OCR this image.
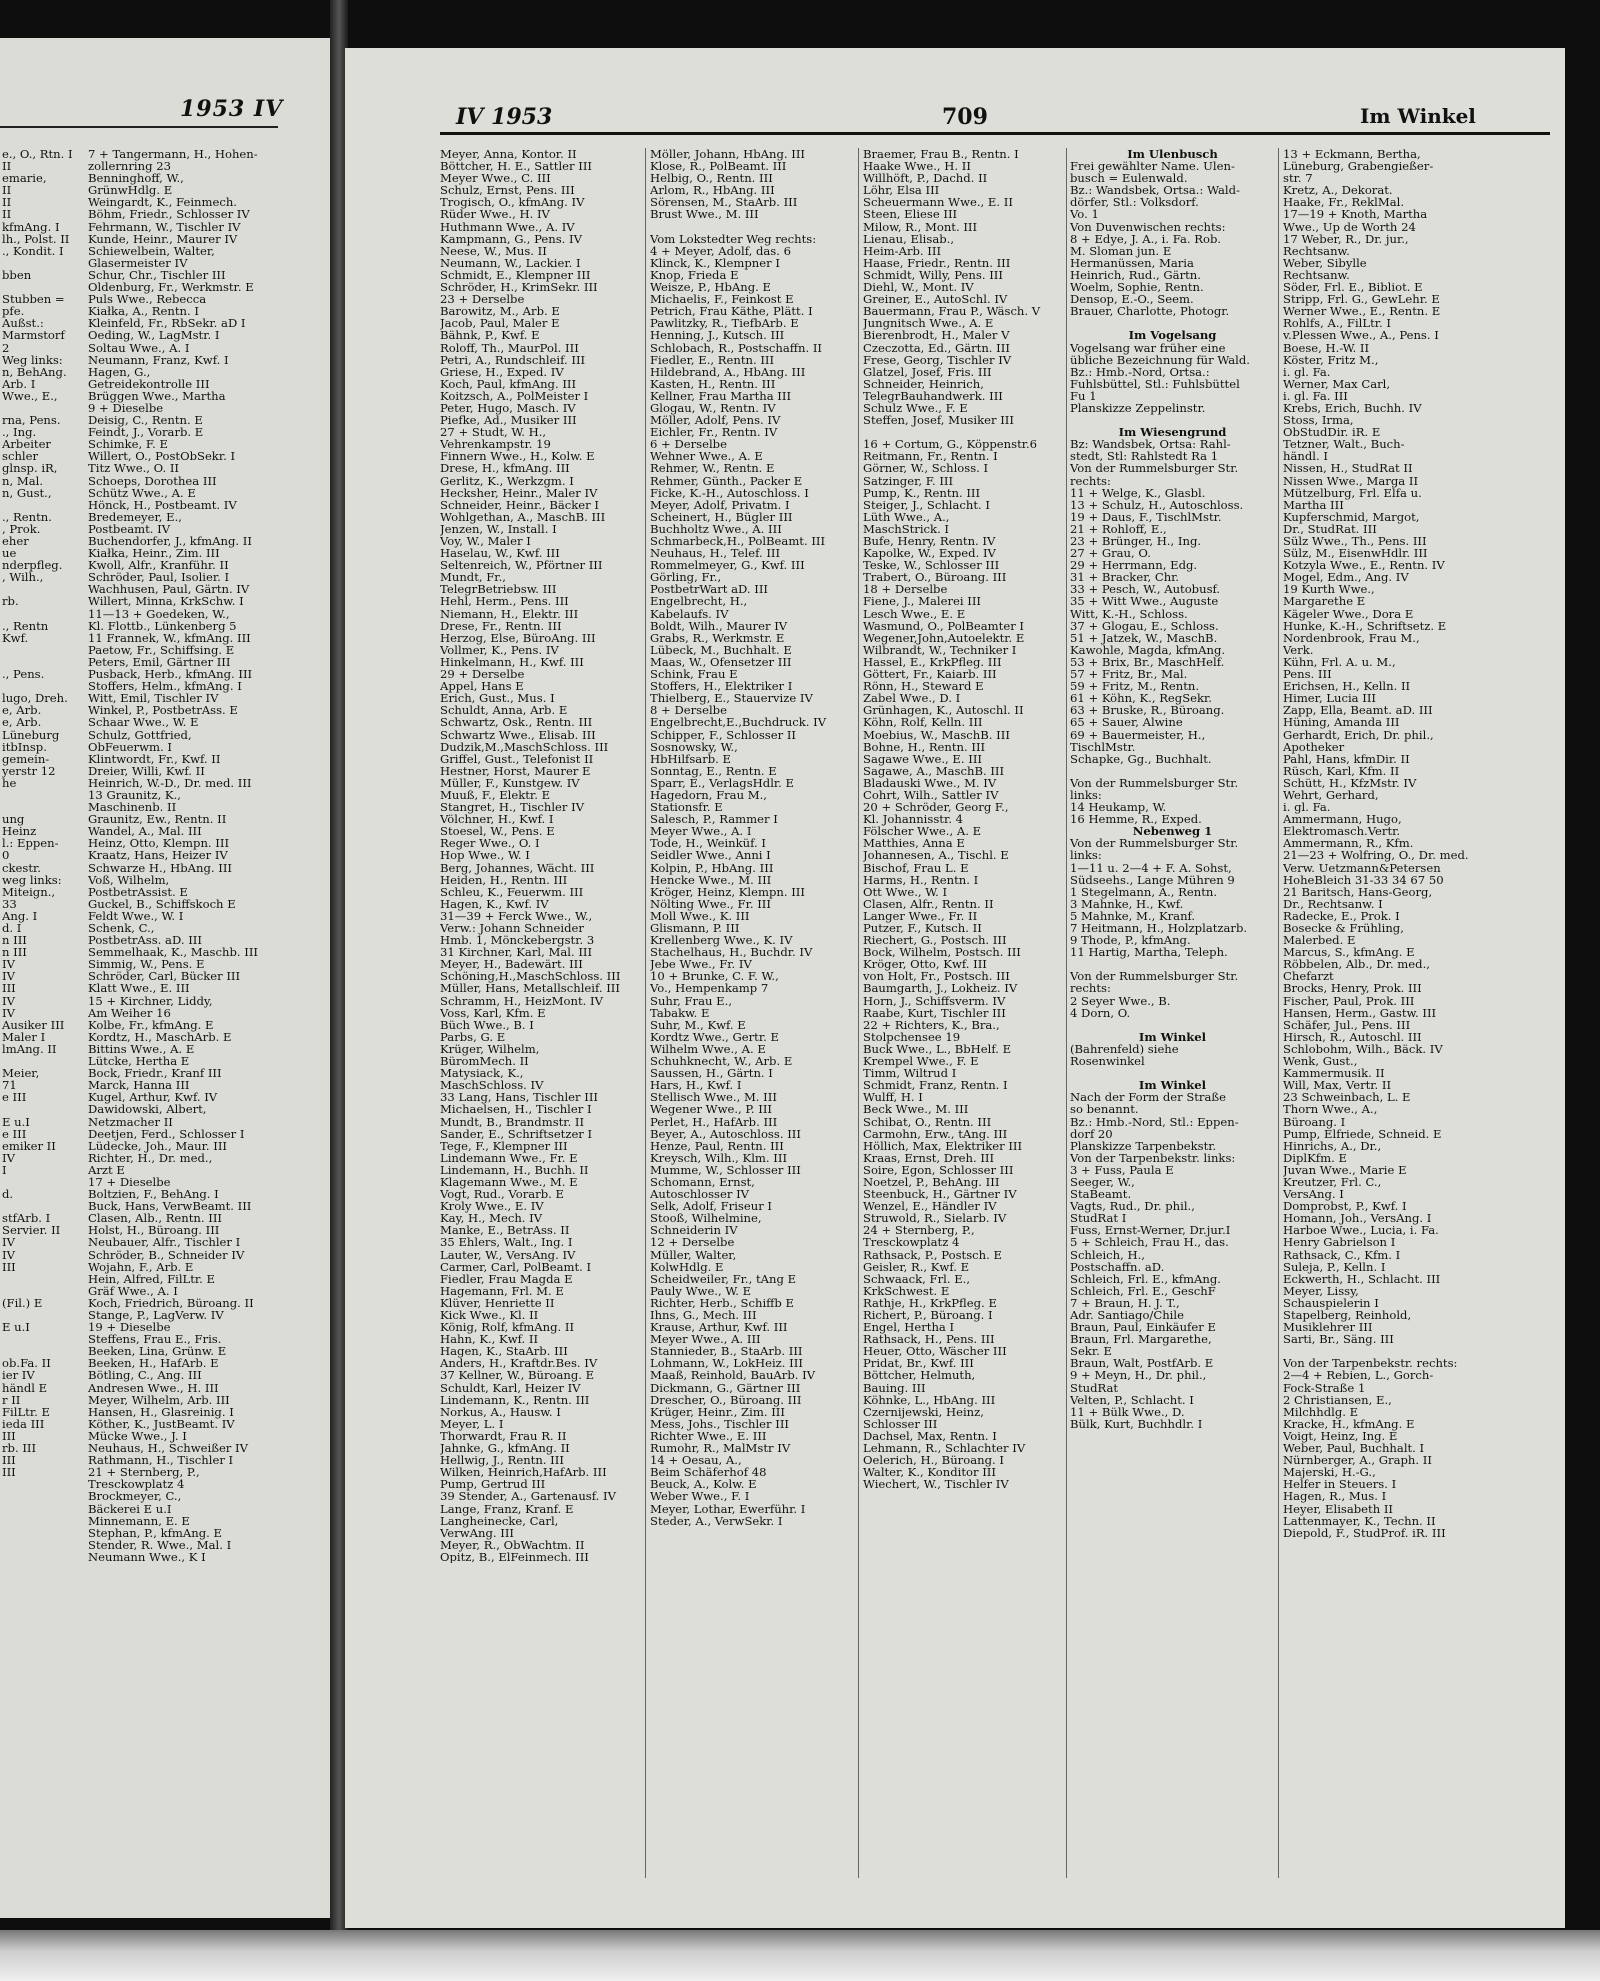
1953 IV	IV 1953	709	Im Winkel
e., O., Rtn. I
II
emarie,
II
II
II
kfmAng. I
lh., Polst. II
., Kondit. I

bben

Stubben =
pfe.
Außst.:
Marmstorf
2
Weg links:
n, BehAng.
Arb. I
Wwe., E.,

rna, Pens.
., Ing.
Arbeiter
schler
glnsp. iR,
n, Mal.
n, Gust.,

., Rentn.
, Prok.
eher
ue
nderpfleg.
, Wilh.,

rb.

., Rentn
Kwf.

., Pens.

lugo, Dreh.
e, Arb.
e, Arb.
Lüneburg
itbInsp.
gemein-
yerstr 12
he

ung
Heinz
l.: Eppen-
0
ckestr.
weg links:
Miteign.,
33
Ang. I
d. I
n III
n III
IV
IV
III
IV
IV
Ausiker III
Maler I
lmAng. II

Meier,
71
e III

E u.I
e III
emiker II
IV
I

d.

stfArb. I
Servier. II
IV
IV
III

(Fil.) E

E u.I

ob.Fa. II
ier IV
händl E
r II
FilLtr. E
ieda III
III
rb. III
III
III
7 + Tangermann, H., Hohen-
zollernring 23
Benninghoff, W.,
GrünwHdlg. E
Weingardt, K., Feinmech.
Böhm, Friedr., Schlosser IV
Fehrmann, W., Tischler IV
Kunde, Heinr., Maurer IV
Schiewelbein, Walter,
Glasermeister IV
Schur, Chr., Tischler III
Oldenburg, Fr., Werkmstr. E
Puls Wwe., Rebecca
Kiałka, A., Rentn. I
Kleinfeld, Fr., RbSekr. aD I
Oeding, W., LagMstr. I
Soltau Wwe., A. I
Neumann, Franz, Kwf. I
Hagen, G.,
Getreidekontrolle III
Brüggen Wwe., Martha
9 + Dieselbe
Deisig, C., Rentn. E
Feindt, J., Vorarb. E
Schimke, F. E
Willert, O., PostObSekr. I
Titz Wwe., O. II
Schoeps, Dorothea III
Schütz Wwe., A. E
Hönck, H., Postbeamt. IV
Bredemeyer, E.,
Postbeamt. IV
Buchendorfer, J., kfmAng. II
Kiałka, Heinr., Zim. III
Kwoll, Alfr., Kranführ. II
Schröder, Paul, Isolier. I
Wachhusen, Paul, Gärtn. IV
Willert, Minna, KrkSchw. I
11—13 + Goedeken, W.,
Kl. Flottb., Lünkenberg 5
11 Frannek, W., kfmAng. III
Paetow, Fr., Schiffsing. E
Peters, Emil, Gärtner III
Pusback, Herb., kfmAng. III
Stoffers, Helm., kfmAng. I
Witt, Emil, Tischler IV
Winkel, P., PostbetrAss. E
Schaar Wwe., W. E
Schulz, Gottfried,
ObFeuerwm. I
Klintwordt, Fr., Kwf. II
Dreier, Willi, Kwf. II
Heinrich, W.-D., Dr. med. III
13 Graunitz, K.,
Maschinenb. II
Graunitz, Ew., Rentn. II
Wandel, A., Mal. III
Heinz, Otto, Klempn. III
Kraatz, Hans, Heizer IV
Schwarze H., HbAng. III
Voß, Wilhelm,
PostbetrAssist. E
Guckel, B., Schiffskoch E
Feldt Wwe., W. I
Schenk, C.,
PostbetrAss. aD. III
Semmelhaak, K., Maschb. III
Simmig, W., Pens. E
Schröder, Carl, Bücker III
Klatt Wwe., E. III
15 + Kirchner, Liddy,
Am Weiher 16
Kolbe, Fr., kfmAng. E
Kordtz, H., MaschArb. E
Bittins Wwe., A. E
Lütcke, Hertha E
Bock, Friedr., Kranf III
Marck, Hanna III
Kugel, Arthur, Kwf. IV
Dawidowski, Albert,
Netzmacher II
Deetjen, Ferd., Schlosser I
Lüdecke, Joh., Maur. III
Richter, H., Dr. med.,
Arzt E
17 + Dieselbe
Boltzien, F., BehAng. I
Buck, Hans, VerwBeamt. III
Clasen, Alb., Rentn. III
Holst, H., Büroang. III
Neubauer, Alfr., Tischler I
Schröder, B., Schneider IV
Wojahn, F., Arb. E
Hein, Alfred, FilLtr. E
Gräf Wwe., A. I
Koch, Friedrich, Büroang. II
Stange, P., LagVerw. IV
19 + Dieselbe
Steffens, Frau E., Fris.
Beeken, Lina, Grünw. E
Beeken, H., HafArb. E
Bötling, C., Ang. III
Andresen Wwe., H. III
Meyer, Wilhelm, Arb. III
Hansen, H., Glasreinig. I
Köther, K., JustBeamt. IV
Mücke Wwe., J. I
Neuhaus, H., Schweißer IV
Rathmann, H., Tischler I
21 + Sternberg, P.,
Tresckowplatz 4
Brockmeyer, C.,
Bäckerei E u.I
Minnemann, E. E
Stephan, P., kfmAng. E
Stender, R. Wwe., Mal. I
Neumann Wwe., K I
Meyer, Anna, Kontor. II
Böttcher, H. E., Sattler III
Meyer Wwe., C. III
Schulz, Ernst, Pens. III
Trogisch, O., kfmAng. IV
Rüder Wwe., H. IV
Huthmann Wwe., A. IV
Kampmann, G., Pens. IV
Neese, W., Mus. II
Neumann, W., Lackier. I
Schmidt, E., Klempner III
Schröder, H., KrimSekr. III
23 + Derselbe
Barowitz, M., Arb. E
Jacob, Paul, Maler E
Bähnk, P., Kwf. E
Roloff, Th., MaurPol. III
Petri, A., Rundschleif. III
Griese, H., Exped. IV
Koch, Paul, kfmAng. III
Koitzsch, A., PolMeister I
Peter, Hugo, Masch. IV
Piefke, Ad., Musiker III
27 + Studt, W. H.,
Vehrenkampstr. 19
Finnern Wwe., H., Kolw. E
Drese, H., kfmAng. III
Gerlitz, K., Werkzgm. I
Hecksher, Heinr., Maler IV
Schneider, Heinr., Bäcker I
Wohlgethan, A., MaschB. III
Jenzen, W., Install. I
Voy, W., Maler I
Haselau, W., Kwf. III
Seltenreich, W., Pförtner III
Mundt, Fr.,
TelegrBetriebsw. III
Hehl, Herm., Pens. III
Niemann, H., Elektr. III
Drese, Fr., Rentn. III
Herzog, Else, BüroAng. III
Vollmer, K., Pens. IV
Hinkelmann, H., Kwf. III
29 + Derselbe
Appel, Hans E
Erich, Gust., Mus. I
Schuldt, Anna, Arb. E
Schwartz, Osk., Rentn. III
Schwartz Wwe., Elisab. III
Dudzik,M.,MaschSchloss. III
Griffel, Gust., Telefonist II
Hestner, Horst, Maurer E
Müller, F., Kunstgew. IV
Muuß, F., Elektr. E
Stangret, H., Tischler IV
Völchner, H., Kwf. I
Stoesel, W., Pens. E
Reger Wwe., O. I
Hop Wwe., W. I
Berg, Johannes, Wächt. III
Heiden, H., Rentn. III
Schleu, K., Feuerwm. III
Hagen, K., Kwf. IV
31—39 + Ferck Wwe., W.,
Verw.: Johann Schneider
Hmb. 1, Mönckebergstr. 3
31 Kirchner, Karl, Mal. III
Meyer, H., Badewärt. III
Schöning,H.,MaschSchloss. III
Müller, Hans, Metallschleif. III
Schramm, H., HeizMont. IV
Voss, Karl, Kfm. E
Büch Wwe., B. I
Parbs, G. E
Krüger, Wilhelm,
BüromMech. II
Matysiack, K.,
MaschSchloss. IV
33 Lang, Hans, Tischler III
Michaelsen, H., Tischler I
Mundt, B., Brandmstr. II
Sander, E., Schriftsetzer I
Tege, F., Klempner III
Lindemann Wwe., Fr. E
Lindemann, H., Buchh. II
Klagemann Wwe., M. E
Vogt, Rud., Vorarb. E
Kroly Wwe., E. IV
Kay, H., Mech. IV
Manke, E., BetrAss. II
35 Ehlers, Walt., Ing. I
Lauter, W., VersAng. IV
Carmer, Carl, PolBeamt. I
Fiedler, Frau Magda E
Hagemann, Frl. M. E
Klüver, Henriette II
Kick Wwe., Kl. II
König, Rolf, kfmAng. II
Hahn, K., Kwf. II
Hagen, K., StaArb. III
Anders, H., Kraftdr.Bes. IV
37 Kellner, W., Büroang. E
Schuldt, Karl, Heizer IV
Lindemann, K., Rentn. III
Norkus, A., Hausw. I
Meyer, L. I
Thorwardt, Frau R. II
Jahnke, G., kfmAng. II
Hellwig, J., Rentn. III
Wilken, Heinrich,HafArb. III
Pump, Gertrud III
39 Stender, A., Gartenausf. IV
Lange, Franz, Kranf. E
Langheinecke, Carl,
VerwAng. III
Meyer, R., ObWachtm. II
Opitz, B., ElFeinmech. III
Möller, Johann, HbAng. III
Klose, R., PolBeamt. III
Helbig, O., Rentn. III
Arlom, R., HbAng. III
Sörensen, M., StaArb. III
Brust Wwe., M. III

Vom Lokstedter Weg rechts:
4 + Meyer, Adolf, das. 6
Klinck, K., Klempner I
Knop, Frieda E
Weisze, P., HbAng. E
Michaelis, F., Feinkost E
Petrich, Frau Käthe, Plätt. I
Pawlitzky, R., TiefbArb. E
Henning, J., Kutsch. III
Schlobach, R., Postschaffn. II
Fiedler, E., Rentn. III
Hildebrand, A., HbAng. III
Kasten, H., Rentn. III
Kellner, Frau Martha III
Glogau, W., Rentn. IV
Möller, Adolf, Pens. IV
Eichler, Fr., Rentn. IV
6 + Derselbe
Wehner Wwe., A. E
Rehmer, W., Rentn. E
Rehmer, Günth., Packer E
Ficke, K.-H., Autoschloss. I
Meyer, Adolf, Privatm. I
Scheinert, H., Bügler III
Buchholtz Wwe., A. III
Schmarbeck,H., PolBeamt. III
Neuhaus, H., Telef. III
Rommelmeyer, G., Kwf. III
Görling, Fr.,
PostbetrWart aD. III
Engelbrecht, H.,
Kabelaufs. IV
Boldt, Wilh., Maurer IV
Grabs, R., Werkmstr. E
Lübeck, M., Buchhalt. E
Maas, W., Ofensetzer III
Schink, Frau E
Stoffers, H., Elektriker I
Thielberg, E., Stauervize IV
8 + Derselbe
Engelbrecht,E.,Buchdruck. IV
Schipper, F., Schlosser II
Sosnowsky, W.,
HbHilfsarb. E
Sonntag, E., Rentn. E
Sparr, E., VerlagsHdlr. E
Hagedorn, Frau M.,
Stationsfr. E
Salesch, P., Rammer I
Meyer Wwe., A. I
Tode, H., Weinküf. I
Seidler Wwe., Anni I
Kolpin, P., HbAng. III
Hencke Wwe., M. III
Kröger, Heinz, Klempn. III
Nölting Wwe., Fr. III
Moll Wwe., K. III
Glismann, P. III
Krellenberg Wwe., K. IV
Stachelhaus, H., Buchdr. IV
Jebe Wwe., Fr. IV
10 + Brunke, C. F. W.,
Vo., Hempenkamp 7
Suhr, Frau E.,
Tabakw. E
Suhr, M., Kwf. E
Kordtz Wwe., Gertr. E
Wilhelm Wwe., A. E
Schuhknecht, W., Arb. E
Saussen, H., Gärtn. I
Hars, H., Kwf. I
Stellisch Wwe., M. III
Wegener Wwe., P. III
Perlet, H., HafArb. III
Beyer, A., Autoschloss. III
Henze, Paul, Rentn. III
Kreysch, Wilh., Klm. III
Mumme, W., Schlosser III
Schomann, Ernst,
Autoschlosser IV
Selk, Adolf, Friseur I
Stooß, Wilhelmine,
Schneiderin IV
12 + Derselbe
Müller, Walter,
KolwHdlg. E
Scheidweiler, Fr., tAng E
Pauly Wwe., W. E
Richter, Herb., Schiffb E
Ihns, G., Mech. III
Krause, Arthur, Kwf. III
Meyer Wwe., A. III
Stannieder, B., StaArb. III
Lohmann, W., LokHeiz. III
Maaß, Reinhold, BauArb. IV
Dickmann, G., Gärtner III
Drescher, O., Büroang. III
Krüger, Heinr., Zim. III
Mess, Johs., Tischler III
Richter Wwe., E. III
Rumohr, R., MalMstr IV
14 + Oesau, A.,
Beim Schäferhof 48
Beuck, A., Kolw. E
Weber Wwe., F. I
Meyer, Lothar, Ewerführ. I
Steder, A., VerwSekr. I
Braemer, Frau B., Rentn. I
Haake Wwe., H. II
Willhöft, P., Dachd. II
Löhr, Elsa III
Scheuermann Wwe., E. II
Steen, Eliese III
Milow, R., Mont. III
Lienau, Elisab.,
Heim-Arb. III
Haase, Friedr., Rentn. III
Schmidt, Willy, Pens. III
Diehl, W., Mont. IV
Greiner, E., AutoSchl. IV
Bauermann, Frau P., Wäsch. V
Jungnitsch Wwe., A. E
Bierenbrodt, H., Maler V
Czeczotta, Ed., Gärtn. III
Frese, Georg, Tischler IV
Glatzel, Josef, Fris. III
Schneider, Heinrich,
TelegrBauhandwerk. III
Schulz Wwe., F. E
Steffen, Josef, Musiker III

16 + Cortum, G., Köppenstr.6
Reitmann, Fr., Rentn. I
Görner, W., Schloss. I
Satzinger, F. III
Pump, K., Rentn. III
Steiger, J., Schlacht. I
Lüth Wwe., A.,
MaschStrick. I
Bufe, Henry, Rentn. IV
Kapolke, W., Exped. IV
Teske, W., Schlosser III
Trabert, O., Büroang. III
18 + Derselbe
Fiene, J., Malerei III
Lesch Wwe., E. E
Wasmund, O., PolBeamter I
Wegener,John,Autoelektr. E
Wilbrandt, W., Techniker I
Hassel, E., KrkPfleg. III
Göttert, Fr., Kaiarb. III
Rönn, H., Steward E
Zabel Wwe., D. I
Grünhagen, K., Autoschl. II
Köhn, Rolf, Kelln. III
Moebius, W., MaschB. III
Bohne, H., Rentn. III
Sagawe Wwe., E. III
Sagawe, A., MaschB. III
Bladauski Wwe., M. IV
Cohrt, Wilh., Sattler IV
20 + Schröder, Georg F.,
Kl. Johannisstr. 4
Fölscher Wwe., A. E
Matthies, Anna E
Johannesen, A., Tischl. E
Bischof, Frau L. E
Harms, H., Rentn. I
Ott Wwe., W. I
Clasen, Alfr., Rentn. II
Langer Wwe., Fr. II
Putzer, F., Kutsch. II
Riechert, G., Postsch. III
Bock, Wilhelm, Postsch. III
Kröger, Otto, Kwf. III
von Holt, Fr., Postsch. III
Baumgarth, J., Lokheiz. IV
Horn, J., Schiffsverm. IV
Raabe, Kurt, Tischler III
22 + Richters, K., Bra.,
Stolpchensee 19
Buck Wwe., L., BbHelf. E
Krempel Wwe., F. E
Timm, Wiltrud I
Schmidt, Franz, Rentn. I
Wulff, H. I
Beck Wwe., M. III
Schibat, O., Rentn. III
Carmohn, Erw., tAng. III
Höllich, Max, Elektriker III
Kraas, Ernst, Dreh. III
Soire, Egon, Schlosser III
Noetzel, P., BehAng. III
Steenbuck, H., Gärtner IV
Wenzel, E., Händler IV
Struwold, R., Sielarb. IV
24 + Sternberg, P.,
Tresckowplatz 4
Rathsack, P., Postsch. E
Geisler, R., Kwf. E
Schwaack, Frl. E.,
KrkSchwest. E
Rathje, H., KrkPfleg. E
Richert, P., Büroang. I
Engel, Hertha I
Rathsack, H., Pens. III
Heuer, Otto, Wäscher III
Pridat, Br., Kwf. III
Böttcher, Helmuth,
Bauing. III
Köhnke, L., HbAng. III
Czernijewski, Heinz,
Schlosser III
Dachsel, Max, Rentn. I
Lehmann, R., Schlachter IV
Oelerich, H., Büroang. I
Walter, K., Konditor III
Wiechert, W., Tischler IV
Im Ulenbusch
Frei gewählter Name. Ulen-
busch = Eulenwald.
Bz.: Wandsbek, Ortsa.: Wald-
dörfer, Stl.: Volksdorf.
Vo. 1
Von Duvenwischen rechts:
8 + Edye, J. A., i. Fa. Rob.
M. Sloman jun. E
Hermanüssen, Maria
Heinrich, Rud., Gärtn.
Woelm, Sophie, Rentn.
Densop, E.-O., Seem.
Brauer, Charlotte, Photogr.

Im Vogelsang
Vogelsang war früher eine
übliche Bezeichnung für Wald.
Bz.: Hmb.-Nord, Ortsa.:
Fuhlsbüttel, Stl.: Fuhlsbüttel
Fu 1
Planskizze Zeppelinstr.

Im Wiesengrund
Bz: Wandsbek, Ortsa: Rahl-
stedt, Stl: Rahlstedt Ra 1
Von der Rummelsburger Str.
rechts:
11 + Welge, K., Glasbl.
13 + Schulz, H., Autoschloss.
19 + Daus, F., TischlMstr.
21 + Rohloff, E.,
23 + Brünger, H., Ing.
27 + Grau, O.
29 + Herrmann, Edg.
31 + Bracker, Chr.
33 + Pesch, W., Autobusf.
35 + Witt Wwe., Auguste
Witt, K.-H., Schloss.
37 + Glogau, E., Schloss.
51 + Jatzek, W., MaschB.
Kawohle, Magda, kfmAng.
53 + Brix, Br., MaschHelf.
57 + Fritz, Br., Mal.
59 + Fritz, M., Rentn.
61 + Köhn, K., RegSekr.
63 + Bruske, R., Büroang.
65 + Sauer, Alwine
69 + Bauermeister, H.,
TischlMstr.
Schapke, Gg., Buchhalt.

Von der Rummelsburger Str.
links:
14 Heukamp, W.
16 Hemme, R., Exped.
Nebenweg 1
Von der Rummelsburger Str.
links:
1—11 u. 2—4 + F. A. Sohst,
Südseehs., Lange Mühren 9
1 Stegelmann, A., Rentn.
3 Mahnke, H., Kwf.
5 Mahnke, M., Kranf.
7 Heitmann, H., Holzplatzarb.
9 Thode, P., kfmAng.
11 Hartig, Martha, Teleph.

Von der Rummelsburger Str.
rechts:
2 Seyer Wwe., B.
4 Dorn, O.

Im Winkel
(Bahrenfeld) siehe
Rosenwinkel

Im Winkel
Nach der Form der Straße
so benannt.
Bz.: Hmb.-Nord, Stl.: Eppen-
dorf 20
Planskizze Tarpenbekstr.
Von der Tarpenbekstr. links:
3 + Fuss, Paula E
Seeger, W.,
StaBeamt.
Vagts, Rud., Dr. phil.,
StudRat I
Fuss, Ernst-Werner, Dr.jur.I
5 + Schleich, Frau H., das.
Schleich, H.,
Postschaffn. aD.
Schleich, Frl. E., kfmAng.
Schleich, Frl. E., GeschF
7 + Braun, H. J. T.,
Adr. Santiago/Chile
Braun, Paul, Einkäufer E
Braun, Frl. Margarethe,
Sekr. E
Braun, Walt, PostfArb. E
9 + Meyn, H., Dr. phil.,
StudRat
Velten, P., Schlacht. I
11 + Bülk Wwe., D.
Bülk, Kurt, Buchhdlr. I
13 + Eckmann, Bertha,
Lüneburg, Grabengießer-
str. 7
Kretz, A., Dekorat.
Haake, Fr., ReklMal.
17—19 + Knoth, Martha
Wwe., Up de Worth 24
17 Weber, R., Dr. jur.,
Rechtsanw.
Weber, Sibylle
Rechtsanw.
Söder, Frl. E., Bibliot. E
Stripp, Frl. G., GewLehr. E
Werner Wwe., E., Rentn. E
Rohlfs, A., FilLtr. I
v.Plessen Wwe., A., Pens. I
Boese, H.-W. II
Köster, Fritz M.,
i. gl. Fa.
Werner, Max Carl,
i. gl. Fa. III
Krebs, Erich, Buchh. IV
Stoss, Irma,
ObStudDir. iR. E
Tetzner, Walt., Buch-
händl. I
Nissen, H., StudRat II
Nissen Wwe., Marga II
Mützelburg, Frl. Elfa u.
Martha III
Kupferschmid, Margot,
Dr., StudRat. III
Sülz Wwe., Th., Pens. III
Sülz, M., EisenwHdlr. III
Kotzyla Wwe., E., Rentn. IV
Mogel, Edm., Ang. IV
19 Kurth Wwe.,
Margarethe E
Kägeler Wwe., Dora E
Hunke, K.-H., Schriftsetz. E
Nordenbrook, Frau M.,
Verk.
Kühn, Frl. A. u. M.,
Pens. III
Erichsen, H., Kelln. II
Himer, Lucia III
Zapp, Ella, Beamt. aD. III
Hüning, Amanda III
Gerhardt, Erich, Dr. phil.,
Apotheker
Pahl, Hans, kfmDir. II
Rüsch, Karl, Kfm. II
Schütt, H., KfzMstr. IV
Wehrt, Gerhard,
i. gl. Fa.
Ammermann, Hugo,
Elektromasch.Vertr.
Ammermann, R., Kfm.
21—23 + Wolfring, O., Dr. med.
Verw. Uetzmann&Petersen
HoheBleich 31-33 34 67 50
21 Baritsch, Hans-Georg,
Dr., Rechtsanw. I
Radecke, E., Prok. I
Bosecke & Frühling,
Malerbed. E
Marcus, S., kfmAng. E
Röbbelen, Alb., Dr. med.,
Chefarzt
Brocks, Henry, Prok. III
Fischer, Paul, Prok. III
Hansen, Herm., Gastw. III
Schäfer, Jul., Pens. III
Hirsch, R., Autoschl. III
Schlobohm, Wilh., Bäck. IV
Wenk, Gust.,
Kammermusik. II
Will, Max, Vertr. II
23 Schweinbach, L. E
Thorn Wwe., A.,
Büroang. I
Pump, Elfriede, Schneid. E
Hinrichs, A., Dr.,
DiplKfm. E
Juvan Wwe., Marie E
Kreutzer, Frl. C.,
VersAng. I
Domprobst, P., Kwf. I
Homann, Joh., VersAng. I
Harboe Wwe., Lucia, i. Fa.
Henry Gabrielson I
Rathsack, C., Kfm. I
Suleja, P., Kelln. I
Eckwerth, H., Schlacht. III
Meyer, Lissy,
Schauspielerin I
Stapelberg, Reinhold,
Musiklehrer III
Sarti, Br., Säng. III

Von der Tarpenbekstr. rechts:
2—4 + Rebien, L., Gorch-
Fock-Straße 1
2 Christiansen, E.,
Milchhdlg. E
Kracke, H., kfmAng. E
Voigt, Heinz, Ing. E
Weber, Paul, Buchhalt. I
Nürnberger, A., Graph. II
Majerski, H.-G.,
Helfer in Steuers. I
Hagen, R., Mus. I
Heyer, Elisabeth II
Lattenmayer, K., Techn. II
Diepold, F., StudProf. iR. III
